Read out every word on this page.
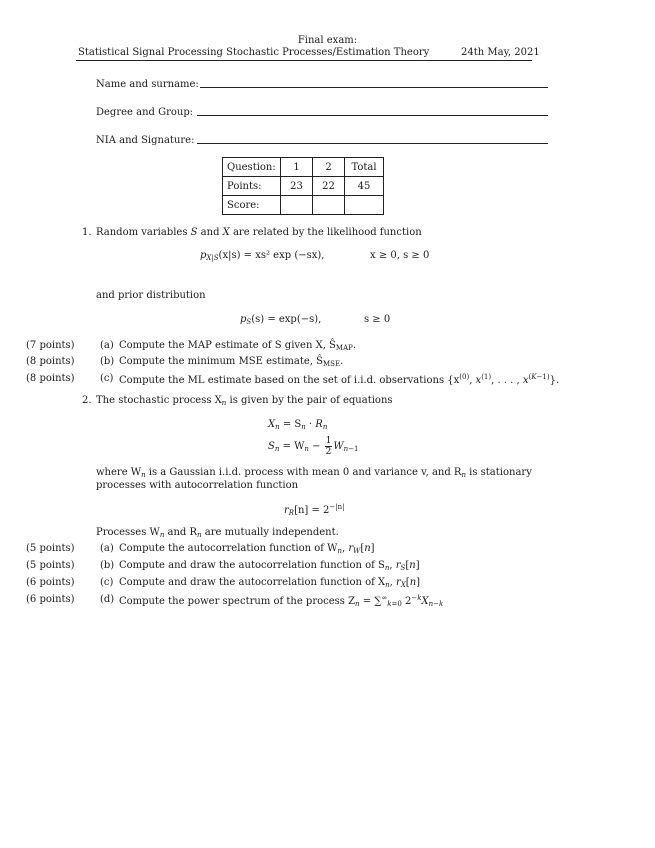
Final exam:
Statistical Signal Processing Stochastic Processes/Estimation Theory	24th May, 2021
Name and surname:
Degree and Group:
NIA and Signature:
Question:	1	2	Total
Points:	23	22	45
Score:			
1. Random variables S and X are related by the likelihood function
$p_{X|S}(x|s) = xs^2$ exp (−sx),	x ≥ 0, s ≥ 0
and prior distribution
$p_S(s) = \exp(-s)$,	s ≥ 0
(7 points)	(a) Compute the MAP estimate of S given X, $Ŝ_{MAP}$.
(8 points)	(b) Compute the minimum MSE estimate, $Ŝ_{MSE}$.
(8 points)	(c) Compute the ML estimate based on the set of i.i.d. observations {$x^{(0)}$, $x^{(1)}$, . . . , $x^{(K-1)}$}.
2. The stochastic process $X_n$ is given by the pair of equations
$X_n = S_n \cdot R_n$
$S_n = W_n - \frac{1}{2} W_{n-1}$
where $W_n$ is a Gaussian i.i.d. process with mean 0 and variance v, and $R_n$ is stationary
processes with autocorrelation function
$r_R[n] = 2^{-|n|}$
Processes $W_n$ and $R_n$ are mutually independent.
(5 points)	(a) Compute the autocorrelation function of $W_n$, $r_W[n]$
(5 points)	(b) Compute and draw the autocorrelation function of $S_n$, $r_S[n]$
(6 points)	(c) Compute and draw the autocorrelation function of $X_n$, $r_X[n]$
(6 points)	(d) Compute the power spectrum of the process $Z_n = \sum^\infty_{k=0}$ $2^{-k}X_{n-k}$
